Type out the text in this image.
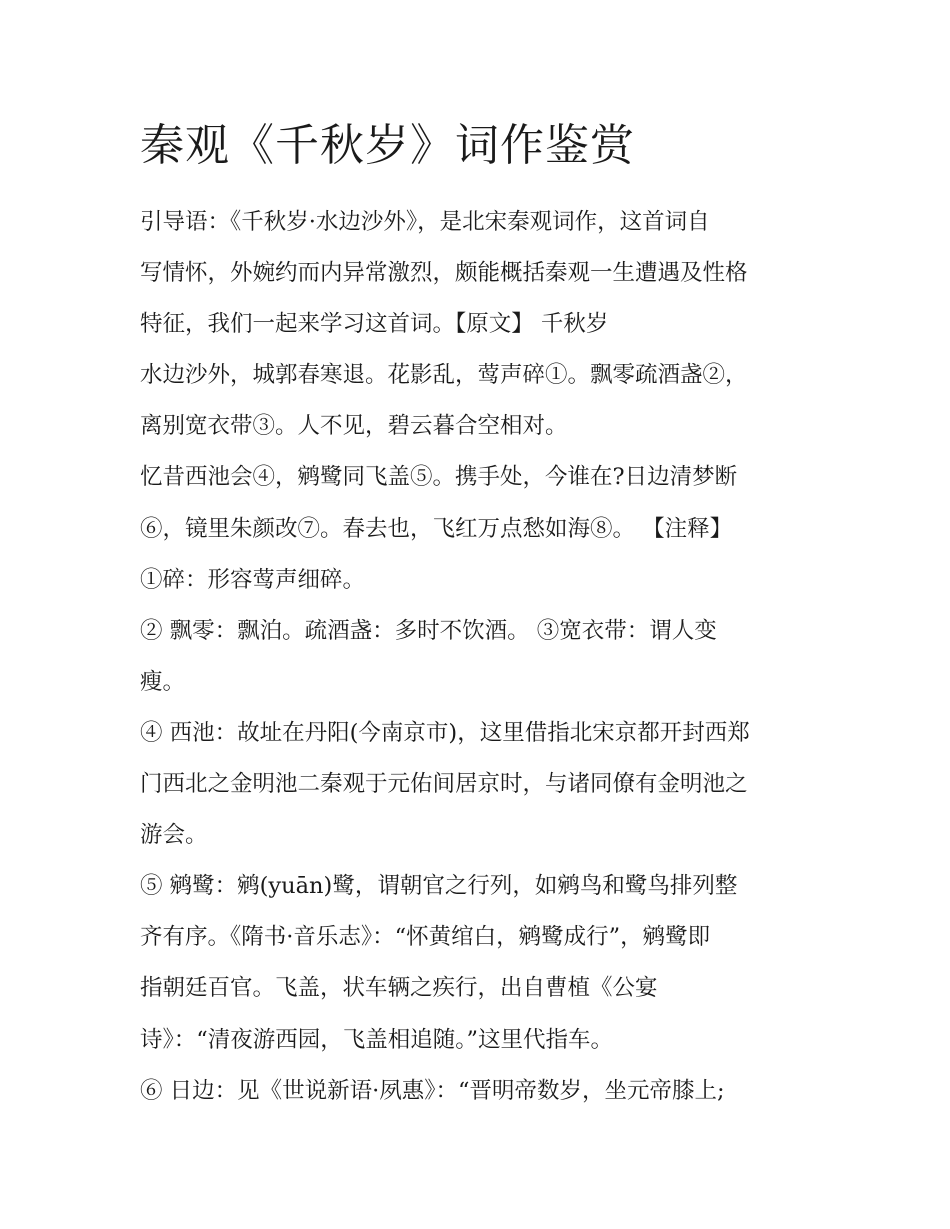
秦观《千秋岁》词作鉴赏
引导语：《千秋岁·水边沙外》，是北宋秦观词作，这首词自
写情怀，外婉约而内异常激烈，颇能概括秦观一生遭遇及性格
特征，我们一起来学习这首词。【原文】 千秋岁
水边沙外，城郭春寒退。花影乱，莺声碎①。飘零疏酒盏②，
离别宽衣带③。人不见，碧云暮合空相对。
忆昔西池会④，鹓鹭同飞盖⑤。携手处，今谁在?日边清梦断
⑥，镜里朱颜改⑦。春去也，飞红万点愁如海⑧。 【注释】
①碎：形容莺声细碎。
② 飘零：飘泊。疏酒盏：多时不饮酒。 ③宽衣带：谓人变
瘦。
④ 西池：故址在丹阳(今南京市)，这里借指北宋京都开封西郑
门西北之金明池二秦观于元佑间居京时，与诸同僚有金明池之
游会。
⑤ 鹓鹭：鹓(yuān)鹭，谓朝官之行列，如鹓鸟和鹭鸟排列整
齐有序。《隋书·音乐志》：“怀黄绾白，鹓鹭成行”，鹓鹭即
指朝廷百官。飞盖，状车辆之疾行，出自曹植《公宴
诗》：“清夜游西园，飞盖相追随。”这里代指车。
⑥ 日边：见《世说新语·夙惠》：“晋明帝数岁，坐元帝膝上;
